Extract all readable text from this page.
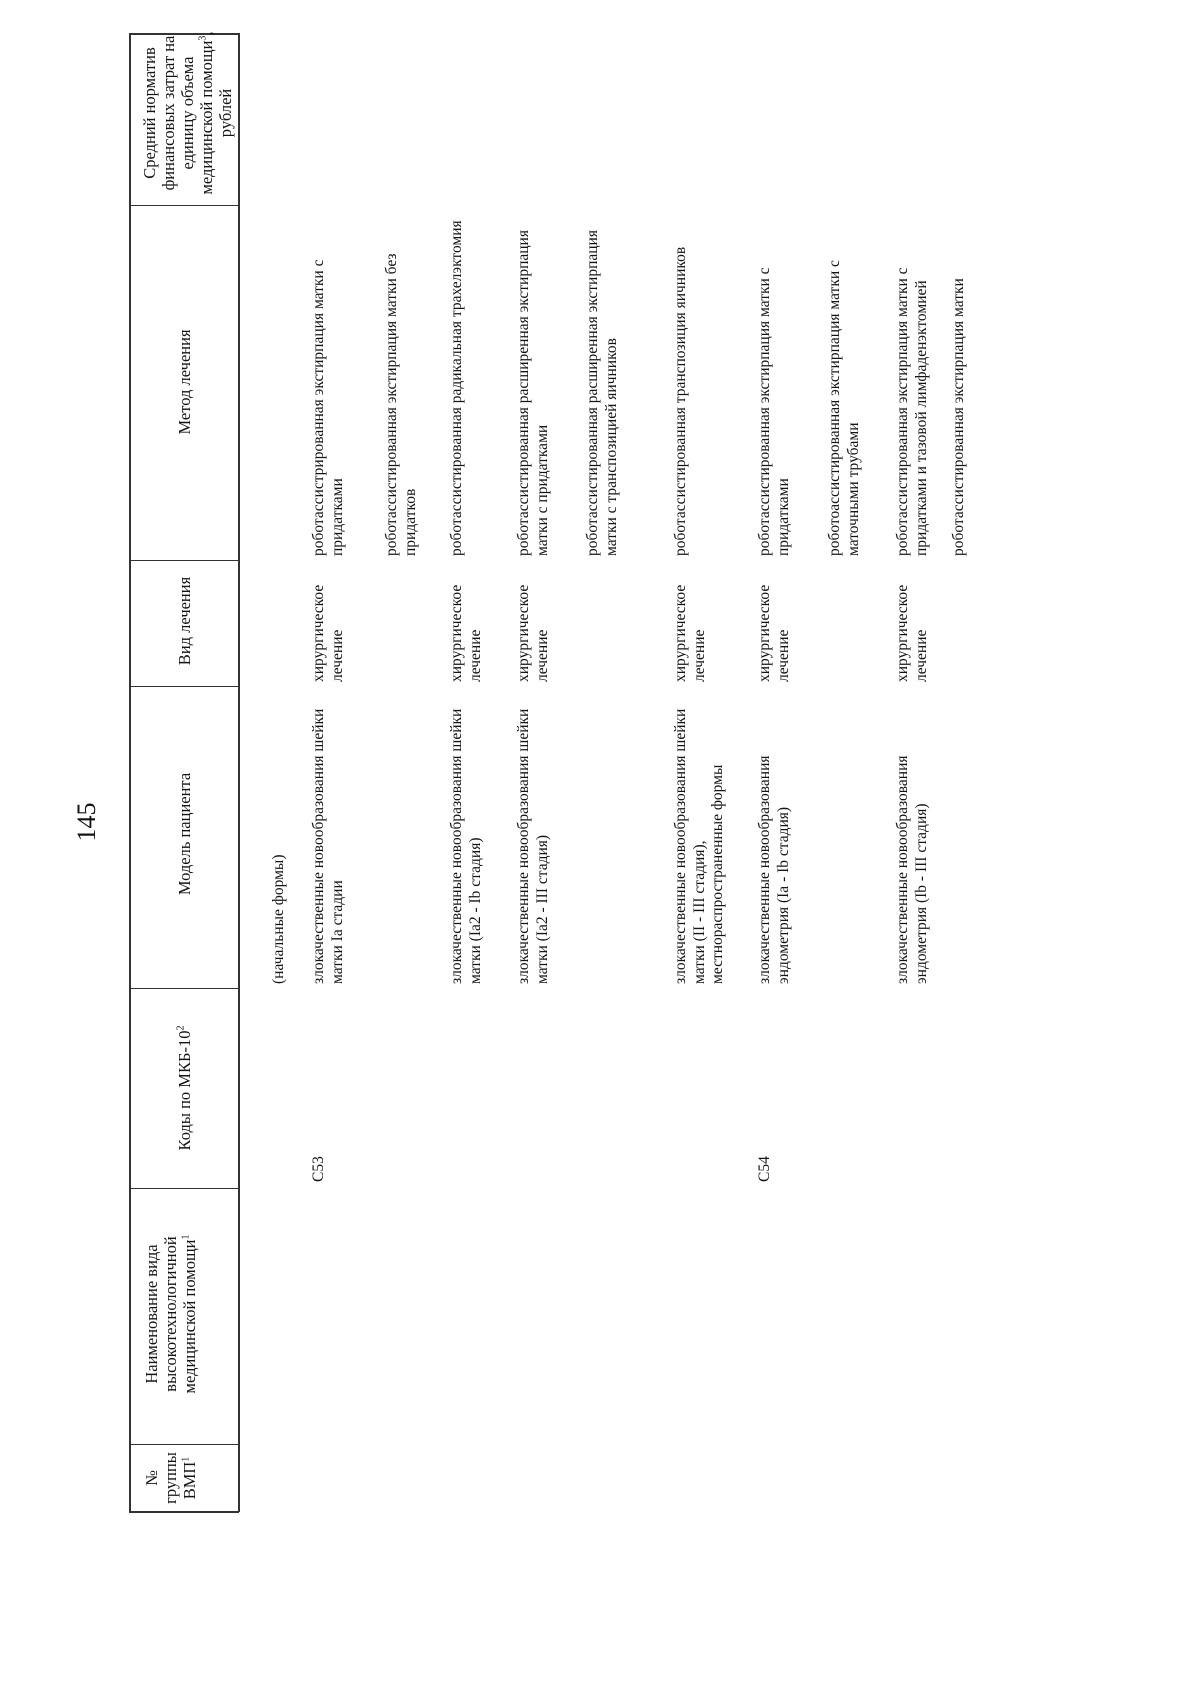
145
№ группы ВМП$^1$
Наименование вида высокотехнологичной медицинской помощи$^1$
Коды по МКБ-$10^2$
Модель пациента
Вид лечения
Метод лечения
Средний норматив финансовых затрат на единицу объема медицинской помощи$^3$, рублей
(начальные формы)
C53	C54
злокачественные новообразования шейки матки Ia стадии
хирургическое лечение
роботассистрированная экстирпация матки с придатками роботассистированная экстирпация матки без придатков
злокачественные новообразования шейки матки (Ia2 - Ib стадия)
хирургическое лечение
роботассистированная радикальная трахелэктомия
злокачественные новообразования шейки матки (Ia2 - III стадия)
хирургическое лечение
роботассистированная расширенная экстирпация матки с придатками роботассистированная расширенная экстирпация матки с транспозицией яичников
злокачественные новообразования шейки матки (II - III стадия), местнораспространенные формы
хирургическое лечение
роботассистированная транспозиция яичников
злокачественные новообразования эндометрия (Ia - Ib стадия)
хирургическое лечение
роботассистированная экстирпация матки с придатками роботоассистированная экстирпация матки с маточными трубами
злокачественные новообразования эндометрия (Ib - III стадия)
хирургическое лечение
роботассистированная экстирпация матки с придатками и тазовой лимфаденэктомией роботассистированная экстирпация матки
